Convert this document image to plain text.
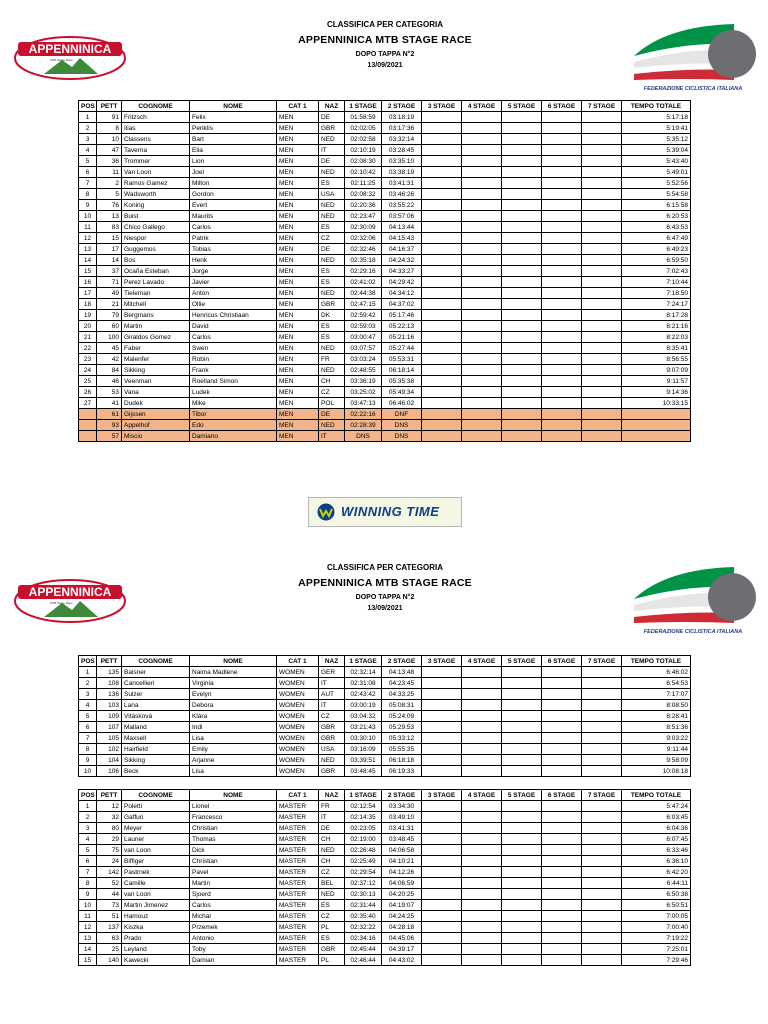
CLASSIFICA PER CATEGORIA
APPENNINICA MTB STAGE RACE
DOPO TAPPA N°2
13/09/2021
APPENNINICA
MTB Stage Race
FEDERAZIONE CICLISTICA ITALIANA
POS	PETT	COGNOME	NOME	CAT 1	NAZ	1 STAGE	2 STAGE	3 STAGE	4 STAGE	5 STAGE	6 STAGE	7 STAGE	TEMPO TOTALE
1	91	Fritzsch	Felix	MEN	DE	01:58:59	03:18:19						5:17:18
2	8	Ilias	Periklis	MEN	GBR	02:02:05	03:17:36						5:19:41
3	10	Classens	Bart	MEN	NED	02:02:58	03:32:14						5:35:12
4	47	Taverna	Elia	MEN	IT	02:10:19	03:28:45						5:39:04
5	36	Trommer	Lion	MEN	DE	02:08:30	03:35:10						5:43:40
6	11	Van Loon	Joel	MEN	NED	02:10:42	03:38:19						5:49:01
7	2	Ramos Gamez	Milton	MEN	ES	02:11:25	03:41:31						5:52:56
8	5	Wadsworth	Gordon	MEN	USA	02:08:32	03:46:26						5:54:58
9	76	Koning	Evert	MEN	NED	02:20:36	03:55:22						6:15:58
10	13	Buist	Maurits	MEN	NED	02:23:47	03:57:06						6:20:53
11	83	Chico Gallego	Carlos	MEN	ES	02:30:09	04:13:44						6:43:53
12	15	Niespor	Patrik	MEN	CZ	02:32:06	04:15:43						6:47:49
13	17	Guggemos	Tobias	MEN	DE	02:32:46	04:16:37						6:49:23
14	14	Bos	Henk	MEN	NED	02:35:18	04:24:32						6:59:50
15	37	Ocaña Esteban	Jorge	MEN	ES	02:29:16	04:33:27						7:02:43
16	71	Perez Lavado	Javier	MEN	ES	02:41:02	04:29:42						7:10:44
17	49	Tieleman	Anton	MEN	NED	02:44:38	04:34:12						7:18:50
18	21	Mitchell	Ollie	MEN	GBR	02:47:15	04:37:02						7:24:17
19	79	Bergmans	Henricus Christiaan	MEN	DK	02:59:42	05:17:46						8:17:28
20	60	Martin	David	MEN	ES	02:59:03	05:22:13						8:21:16
21	100	Giraldos Gomez	Carlos	MEN	ES	03:00:47	05:21:16						8:22:03
22	45	Faber	Swen	MEN	NED	03:07:57	05:27:44						8:35:41
23	42	Malenfer	Robin	MEN	FR	03:03:24	05:53:31						8:56:55
24	84	Sikking	Frank	MEN	NED	02:48:55	06:18:14						9:07:09
25	46	Veenman	Roelland Simon	MEN	CH	03:36:19	05:35:38						9:11:57
26	53	Vana	Ludek	MEN	CZ	03:25:02	05:49:34						9:14:36
27	41	Dudek	Mike	MEN	POL	03:47:13	06:46:02						10:33:15
	61	Gijssen	Tibor	MEN	DE	02:22:16	DNF						
	93	Appelhof	Edo	MEN	NED	02:28:39	DNS						
	57	Miscio	Damiano	MEN	IT	DNS	DNS						
WINNING TIME
CLASSIFICA PER CATEGORIA
APPENNINICA MTB STAGE RACE
DOPO TAPPA N°2
13/09/2021
APPENNINICA
MTB Stage Race
FEDERAZIONE CICLISTICA ITALIANA
POS	PETT	COGNOME	NOME	CAT 1	NAZ	1 STAGE	2 STAGE	3 STAGE	4 STAGE	5 STAGE	6 STAGE	7 STAGE	TEMPO TOTALE
1	135	Baisner	Naima Madlene	WOMEN	GER	02:32:14	04:13:48						6:46:02
2	108	Cancellieri	Virginia	WOMEN	IT	02:31:08	04:23:45						6:54:53
3	136	Sulzer	Evelyn	WOMEN	AUT	02:43:42	04:33:25						7:17:07
4	103	Lana	Debora	WOMEN	IT	03:00:19	05:08:31						8:08:50
5	109	Vitásková	Klára	WOMEN	CZ	03:04:32	05:24:09						8:28:41
6	107	Malland	Indi	WOMEN	GBR	03:21:43	05:29:53						8:51:36
7	105	Maxsell	Lisa	WOMEN	GBR	03:30:10	05:33:12						9:03:22
8	102	Hairfield	Emily	WOMEN	USA	03:16:09	05:55:35						9:11:44
9	104	Sikking	Arjanne	WOMEN	NED	03:39:51	06:18:18						9:58:09
10	106	Beck	Lisa	WOMEN	GBR	03:48:45	06:19:33						10:08:18
POS	PETT	COGNOME	NOME	CAT 1	NAZ	1 STAGE	2 STAGE	3 STAGE	4 STAGE	5 STAGE	6 STAGE	7 STAGE	TEMPO TOTALE
1	12	Poletti	Lionel	MASTER	FR	02:12:54	03:34:30						5:47:24
2	32	Gaffuri	Francesco	MASTER	IT	02:14:35	03:49:10						6:03:45
3	80	Meyer	Christian	MASTER	DE	02:23:05	03:41:31						6:04:36
4	29	Launer	Thomas	MASTER	CH	02:19:00	03:48:45						6:07:45
5	75	van Loon	Dick	MASTER	NED	02:26:48	04:06:58						6:33:46
6	24	Biffiger	Christian	MASTER	CH	02:25:49	04:10:21						6:36:10
7	142	Pastrnek	Pavel	MASTER	CZ	02:29:54	04:12:26						6:42:20
8	52	Camille	Martin	MASTER	BEL	02:37:12	04:06:59						6:44:11
9	44	van Loon	Sjoerd	MASTER	NED	02:30:13	04:20:25						6:50:38
10	73	Martin Jimenez	Carlos	MASTER	ES	02:31:44	04:19:07						6:50:51
11	51	Hamouz	Michal	MASTER	CZ	02:35:40	04:24:25						7:00:05
12	137	Kiszka	Przemek	MASTER	PL	02:32:22	04:28:18						7:00:40
13	63	Prado	Antonio	MASTER	ES	02:34:16	04:45:06						7:19:22
14	25	Leyland	Toby	MASTER	GBR	02:45:44	04:39:17						7:25:01
15	140	Kawecki	Damian	MASTER	PL	02:46:44	04:43:02						7:29:46
